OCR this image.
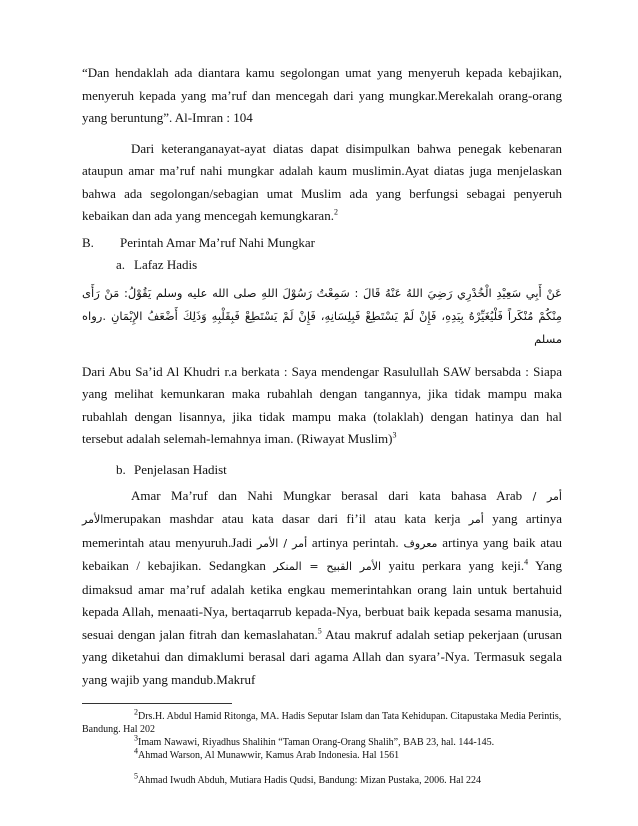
“Dan hendaklah ada diantara kamu segolongan umat yang menyeruh kepada kebajikan, menyeruh kepada yang ma’ruf dan mencegah dari yang mungkar.Merekalah orang-orang yang beruntung”. Al-Imran : 104

Dari keteranganayat-ayat diatas dapat disimpulkan bahwa penegak kebenaran ataupun amar ma’ruf nahi mungkar adalah kaum muslimin.Ayat diatas juga menjelaskan bahwa ada segolongan/sebagian umat Muslim ada yang berfungsi sebagai penyeruh kebaikan dan ada yang mencegah kemungkaran.$^2$

B.	Perintah Amar Ma’ruf Nahi Mungkar
a. Lafaz Hadis

عَنْ أَبِي سَعِيْدِ الْخُدْرِي رَضِيَ اللهُ عَنْهُ قَالَ : سَمِعْتُ رَسُوْلَ اللهِ صلى الله عليه وسلم يَقُوْلُ: مَنْ رَأَى مِنْكُمْ مُنْكَراً فَلْيُغَيِّرْهُ بِيَدِهِ، فَإِنْ لَمْ يَسْتَطِعْ فَبِلِسَانِهِ، فَإِنْ لَمْ يَسْتَطِعْ فَبِقَلْبِهِ وَذَلِكَ أَضْعَفُ الإِيْمَانِ .رواه مسلم

Dari Abu Sa’id Al Khudri r.a berkata : Saya mendengar Rasulullah SAW bersabda : Siapa yang melihat kemunkaran maka rubahlah dengan tangannya, jika tidak mampu maka rubahlah dengan lisannya, jika tidak mampu maka (tolaklah) dengan hatinya dan hal tersebut adalah selemah-lemahnya iman. (Riwayat Muslim)$^3$

b. Penjelasan Hadist

Amar Ma’ruf dan Nahi Mungkar berasal dari kata bahasa Arab أمر / الأمرmerupakan mashdar atau kata dasar dari fi’il atau kata kerja أمر yang artinya memerintah atau menyuruh.Jadi أمر / الأمر artinya perintah. معروف artinya yang baik atau kebaikan / kebajikan. Sedangkan الأمر القبيح = المنكر yaitu perkara yang keji.$^4$ Yang dimaksud amar ma’ruf adalah ketika engkau memerintahkan orang lain untuk bertahuid kepada Allah, menaati-Nya, bertaqarrub kepada-Nya, berbuat baik kepada sesama manusia, sesuai dengan jalan fitrah dan kemaslahatan.$^5$ Atau makruf adalah setiap pekerjaan (urusan yang diketahui dan dimaklumi berasal dari agama Allah dan syara’-Nya. Termasuk segala yang wajib yang mandub.Makruf

$^2$Drs.H. Abdul Hamid Ritonga, MA. Hadis Seputar Islam dan Tata Kehidupan. Citapustaka Media Perintis, Bandung. Hal 202

$^3$Imam Nawawi, Riyadhus Shalihin “Taman Orang-Orang Shalih”, BAB 23, hal. 144-145.

$^4$Ahmad Warson, Al Munawwir, Kamus Arab Indonesia. Hal 1561

$^5$Ahmad Iwudh Abduh, Mutiara Hadis Qudsi, Bandung: Mizan Pustaka, 2006. Hal 224
